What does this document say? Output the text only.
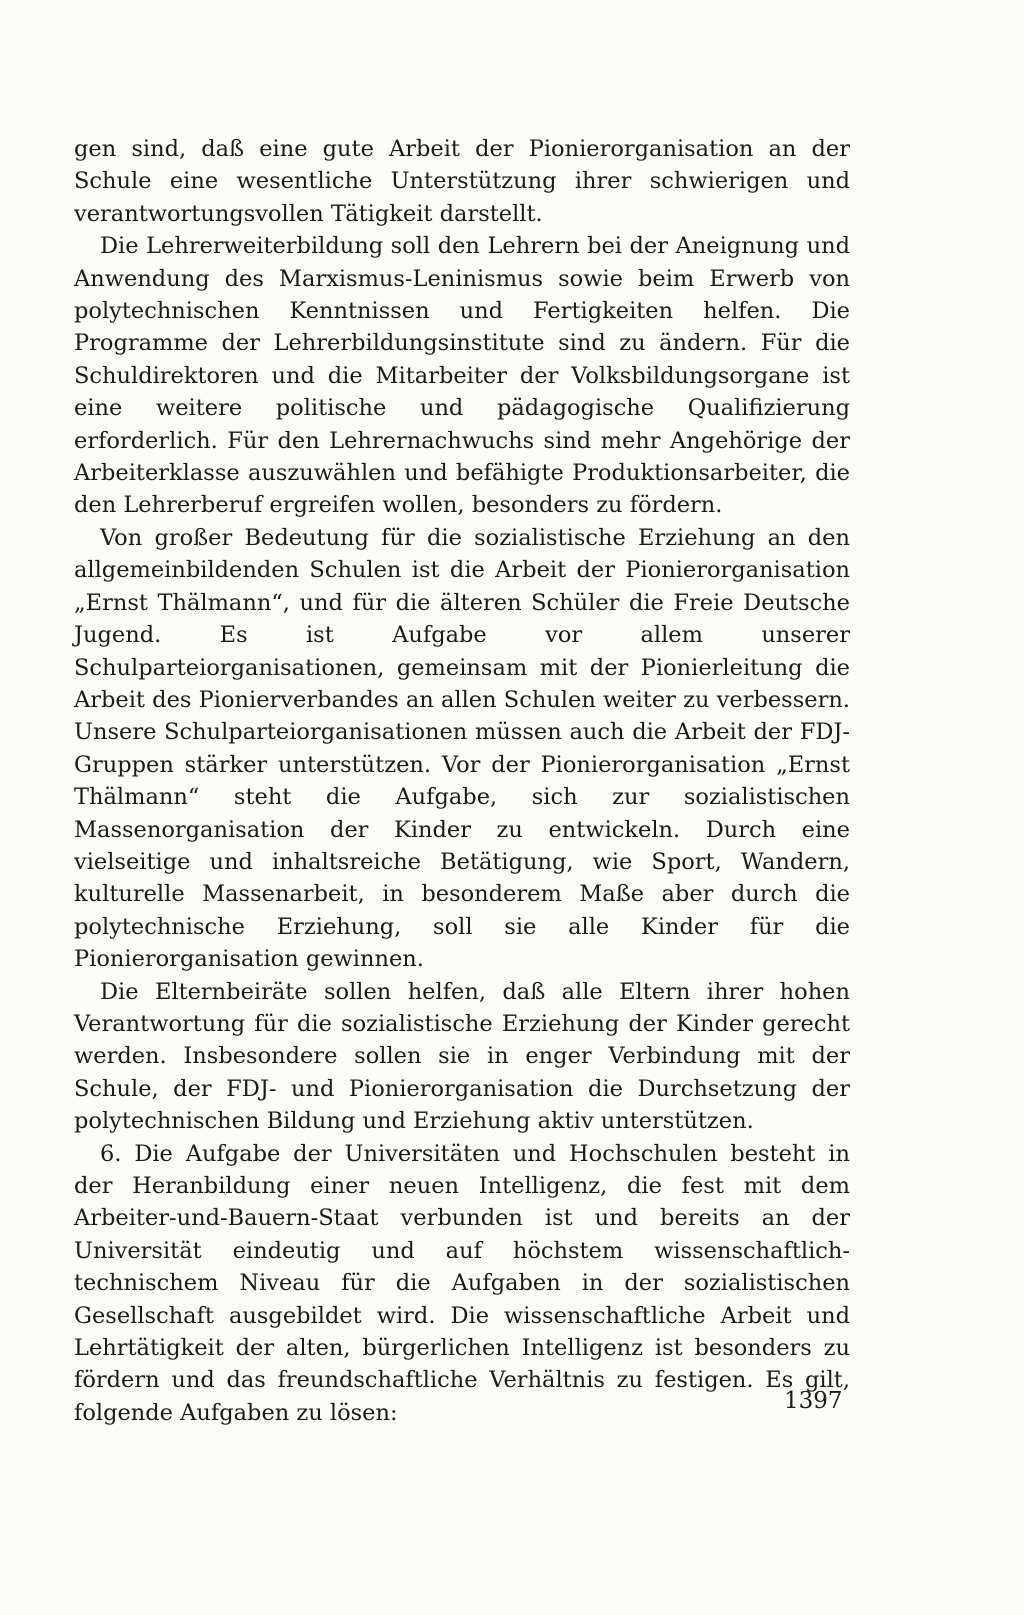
gen sind, daß eine gute Arbeit der Pionierorganisation an der Schule eine wesentliche Unterstützung ihrer schwierigen und verantwortungsvollen Tätigkeit darstellt.

Die Lehrerweiterbildung soll den Lehrern bei der Aneignung und Anwendung des Marxismus-Leninismus sowie beim Erwerb von polytechnischen Kenntnissen und Fertigkeiten helfen. Die Programme der Lehrerbildungsinstitute sind zu ändern. Für die Schuldirektoren und die Mitarbeiter der Volksbildungsorgane ist eine weitere politische und pädagogische Qualifizierung erforderlich. Für den Lehrernachwuchs sind mehr Angehörige der Arbeiterklasse auszuwählen und befähigte Produktionsarbeiter, die den Lehrerberuf ergreifen wollen, besonders zu fördern.

Von großer Bedeutung für die sozialistische Erziehung an den allgemeinbildenden Schulen ist die Arbeit der Pionierorganisation „Ernst Thälmann“, und für die älteren Schüler die Freie Deutsche Jugend. Es ist Aufgabe vor allem unserer Schulparteiorganisationen, gemeinsam mit der Pionierleitung die Arbeit des Pionierverbandes an allen Schulen weiter zu verbessern. Unsere Schulparteiorganisationen müssen auch die Arbeit der FDJ-Gruppen stärker unterstützen. Vor der Pionierorganisation „Ernst Thälmann“ steht die Aufgabe, sich zur sozialistischen Massenorganisation der Kinder zu entwickeln. Durch eine vielseitige und inhaltsreiche Betätigung, wie Sport, Wandern, kulturelle Massenarbeit, in besonderem Maße aber durch die polytechnische Erziehung, soll sie alle Kinder für die Pionierorganisation gewinnen.

Die Elternbeiräte sollen helfen, daß alle Eltern ihrer hohen Verantwortung für die sozialistische Erziehung der Kinder gerecht werden. Insbesondere sollen sie in enger Verbindung mit der Schule, der FDJ- und Pionierorganisation die Durchsetzung der polytechnischen Bildung und Erziehung aktiv unterstützen.

6. Die Aufgabe der Universitäten und Hochschulen besteht in der Heranbildung einer neuen Intelligenz, die fest mit dem Arbeiter-und-Bauern-Staat verbunden ist und bereits an der Universität eindeutig und auf höchstem wissenschaftlich-technischem Niveau für die Aufgaben in der sozialistischen Gesellschaft ausgebildet wird. Die wissenschaftliche Arbeit und Lehrtätigkeit der alten, bürgerlichen Intelligenz ist besonders zu fördern und das freundschaftliche Verhältnis zu festigen. Es gilt, folgende Aufgaben zu lösen:	1397
